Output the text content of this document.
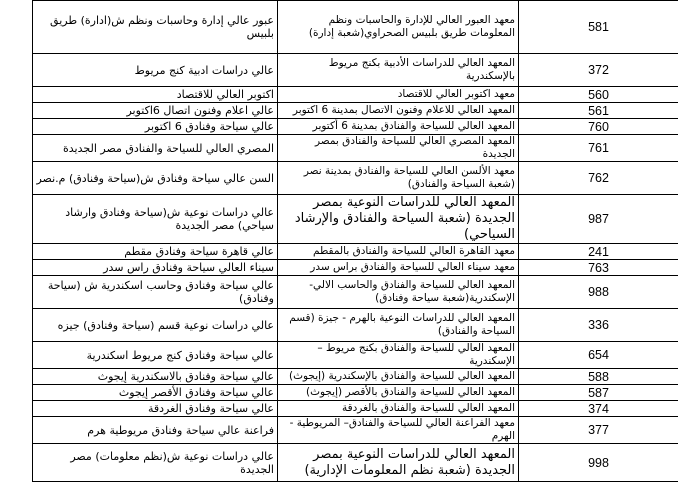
عبور عالي إدارة وحاسبات ونظم ش(ادارة) طريق بلبيس	معهد العبور العالي للإدارة والحاسبات ونظم المعلومات طريق بلبيس الصحراوي(شعبة إدارة)	581
عالي دراسات ادبية كنج مريوط	المعهد العالي للدراسات الأدبية بكنج مريوط بالإسكندرية	372
اكتوبر العالي للاقتصاد	معهد اكتوبر العالي للاقتصاد	560
عالي اعلام وفنون اتصال 6اكتوبر	المعهد العالي للاعلام وفنون الاتصال بمدينة 6 اكتوبر	561
عالي سياحة وفنادق 6 اكتوبر	المعهد العالي للسياحة والفنادق بمدينة 6 أكتوبر	760
المصري العالي للسياحة والفنادق مصر الجديدة	المعهد المصري العالي للسياحة والفنادق بمصر الجديدة	761
السن عالي سياحة وفنادق ش(سياحة وفنادق) م.نصر	معهد الألسن العالي للسياحة والفنادق بمدينة نصر (شعبة السياحة والفنادق)	762
عالي دراسات نوعية ش(سياحة وفنادق وارشاد سياحي) مصر الجديدة	المعهد العالي للدراسات النوعية بمصر الجديدة (شعبة السياحة والفنادق والإرشاد السياحي)	987
عالي قاهرة سياحة وفنادق مقطم	معهد القاهرة العالي للسياحة والفنادق بالمقطم	241
سيناء العالي سياحة وفنادق راس سدر	معهد سيناء العالي للسياحة والفنادق براس سدر	763
عالي سياحة وفنادق وحاسب اسكندرية ش (سياحة وفنادق)	المعهد العالي للسياحة والفنادق والحاسب الالي- الإسكندرية(شعبة سياحة وفنادق)	988
عالي دراسات نوعية قسم (سياحة وفنادق) جيزه	المعهد العالي للدراسات النوعية بالهرم - جيزة (قسم السياحة والفنادق)	336
عالي سياحة وفنادق كنج مريوط اسكندرية	المعهد العالي للسياحة والفنادق بكنج مريوط – الإسكندرية	654
عالي سياحة وفنادق بالاسكندرية إيجوث	المعهد العالي للسياحة والفنادق بالإسكندرية (إيجوث)	588
عالي سياحة وفنادق الأقصر إيجوث	المعهد العالي للسياحة والفنادق بالأقصر (إيجوث)	587
عالي سياحة وفنادق الغردقة	المعهد العالي للسياحة والفنادق بالغردقة	374
فراعنة عالي سياحة وفنادق مريوطية هرم	معهد الفراعنة العالي للسياحة والفنادق– المريوطية - الهرم	377
عالي دراسات نوعية ش(نظم معلومات) مصر الجديدة	المعهد العالي للدراسات النوعية بمصر الجديدة (شعبة نظم المعلومات الإدارية)	998
